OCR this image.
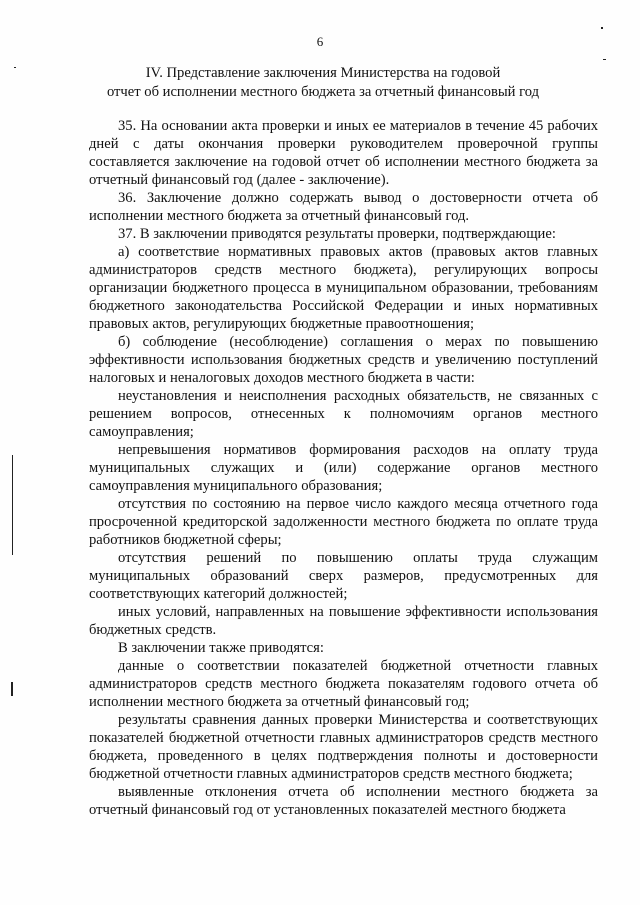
6
IV. Представление заключения Министерства на годовой
отчет об исполнении местного бюджета за отчетный финансовый год

35. На основании акта проверки и иных ее материалов в течение 45 рабочих дней с даты окончания проверки руководителем проверочной группы составляется заключение на годовой отчет об исполнении местного бюджета за отчетный финансовый год (далее - заключение).

36. Заключение должно содержать вывод о достоверности отчета об исполнении местного бюджета за отчетный финансовый год.

37. В заключении приводятся результаты проверки, подтверждающие:

а) соответствие нормативных правовых актов (правовых актов главных администраторов средств местного бюджета), регулирующих вопросы организации бюджетного процесса в муниципальном образовании, требованиям бюджетного законодательства Российской Федерации и иных нормативных правовых актов, регулирующих бюджетные правоотношения;

б) соблюдение (несоблюдение) соглашения о мерах по повышению эффективности использования бюджетных средств и увеличению поступлений налоговых и неналоговых доходов местного бюджета в части:

неустановления и неисполнения расходных обязательств, не связанных с решением вопросов, отнесенных к полномочиям органов местного самоуправления;

непревышения нормативов формирования расходов на оплату труда муниципальных служащих и (или) содержание органов местного самоуправления муниципального образования;

отсутствия по состоянию на первое число каждого месяца отчетного года просроченной кредиторской задолженности местного бюджета по оплате труда работников бюджетной сферы;

отсутствия решений по повышению оплаты труда служащим муниципальных образований сверх размеров, предусмотренных для соответствующих категорий должностей;

иных условий, направленных на повышение эффективности использования бюджетных средств.

В заключении также приводятся:

данные о соответствии показателей бюджетной отчетности главных администраторов средств местного бюджета показателям годового отчета об исполнении местного бюджета за отчетный финансовый год;

результаты сравнения данных проверки Министерства и соответствующих показателей бюджетной отчетности главных администраторов средств местного бюджета, проведенного в целях подтверждения полноты и достоверности бюджетной отчетности главных администраторов средств местного бюджета;

выявленные отклонения отчета об исполнении местного бюджета за отчетный финансовый год от установленных показателей местного бюджета
